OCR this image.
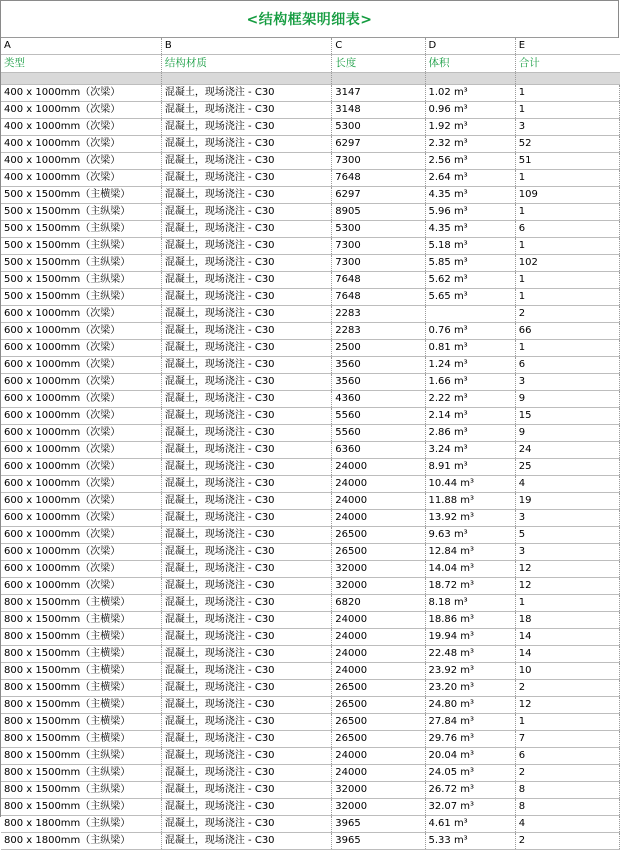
<结构框架明细表>
A	B	C	D	E
类型	结构材质	长度	体积	合计

400 x 1000mm（次梁）	混凝土，现场浇注 - C30	3147	1.02 m³	1
400 x 1000mm（次梁）	混凝土，现场浇注 - C30	3148	0.96 m³	1
400 x 1000mm（次梁）	混凝土，现场浇注 - C30	5300	1.92 m³	3
400 x 1000mm（次梁）	混凝土，现场浇注 - C30	6297	2.32 m³	52
400 x 1000mm（次梁）	混凝土，现场浇注 - C30	7300	2.56 m³	51
400 x 1000mm（次梁）	混凝土，现场浇注 - C30	7648	2.64 m³	1
500 x 1500mm（主横梁）	混凝土，现场浇注 - C30	6297	4.35 m³	109
500 x 1500mm（主纵梁）	混凝土，现场浇注 - C30	8905	5.96 m³	1
500 x 1500mm（主纵梁）	混凝土，现场浇注 - C30	5300	4.35 m³	6
500 x 1500mm（主纵梁）	混凝土，现场浇注 - C30	7300	5.18 m³	1
500 x 1500mm（主纵梁）	混凝土，现场浇注 - C30	7300	5.85 m³	102
500 x 1500mm（主纵梁）	混凝土，现场浇注 - C30	7648	5.62 m³	1
500 x 1500mm（主纵梁）	混凝土，现场浇注 - C30	7648	5.65 m³	1
600 x 1000mm（次梁）	混凝土，现场浇注 - C30	2283		2
600 x 1000mm（次梁）	混凝土，现场浇注 - C30	2283	0.76 m³	66
600 x 1000mm（次梁）	混凝土，现场浇注 - C30	2500	0.81 m³	1
600 x 1000mm（次梁）	混凝土，现场浇注 - C30	3560	1.24 m³	6
600 x 1000mm（次梁）	混凝土，现场浇注 - C30	3560	1.66 m³	3
600 x 1000mm（次梁）	混凝土，现场浇注 - C30	4360	2.22 m³	9
600 x 1000mm（次梁）	混凝土，现场浇注 - C30	5560	2.14 m³	15
600 x 1000mm（次梁）	混凝土，现场浇注 - C30	5560	2.86 m³	9
600 x 1000mm（次梁）	混凝土，现场浇注 - C30	6360	3.24 m³	24
600 x 1000mm（次梁）	混凝土，现场浇注 - C30	24000	8.91 m³	25
600 x 1000mm（次梁）	混凝土，现场浇注 - C30	24000	10.44 m³	4
600 x 1000mm（次梁）	混凝土，现场浇注 - C30	24000	11.88 m³	19
600 x 1000mm（次梁）	混凝土，现场浇注 - C30	24000	13.92 m³	3
600 x 1000mm（次梁）	混凝土，现场浇注 - C30	26500	9.63 m³	5
600 x 1000mm（次梁）	混凝土，现场浇注 - C30	26500	12.84 m³	3
600 x 1000mm（次梁）	混凝土，现场浇注 - C30	32000	14.04 m³	12
600 x 1000mm（次梁）	混凝土，现场浇注 - C30	32000	18.72 m³	12
800 x 1500mm（主横梁）	混凝土，现场浇注 - C30	6820	8.18 m³	1
800 x 1500mm（主横梁）	混凝土，现场浇注 - C30	24000	18.86 m³	18
800 x 1500mm（主横梁）	混凝土，现场浇注 - C30	24000	19.94 m³	14
800 x 1500mm（主横梁）	混凝土，现场浇注 - C30	24000	22.48 m³	14
800 x 1500mm（主横梁）	混凝土，现场浇注 - C30	24000	23.92 m³	10
800 x 1500mm（主横梁）	混凝土，现场浇注 - C30	26500	23.20 m³	2
800 x 1500mm（主横梁）	混凝土，现场浇注 - C30	26500	24.80 m³	12
800 x 1500mm（主横梁）	混凝土，现场浇注 - C30	26500	27.84 m³	1
800 x 1500mm（主横梁）	混凝土，现场浇注 - C30	26500	29.76 m³	7
800 x 1500mm（主纵梁）	混凝土，现场浇注 - C30	24000	20.04 m³	6
800 x 1500mm（主纵梁）	混凝土，现场浇注 - C30	24000	24.05 m³	2
800 x 1500mm（主纵梁）	混凝土，现场浇注 - C30	32000	26.72 m³	8
800 x 1500mm（主纵梁）	混凝土，现场浇注 - C30	32000	32.07 m³	8
800 x 1800mm（主纵梁）	混凝土，现场浇注 - C30	3965	4.61 m³	4
800 x 1800mm（主纵梁）	混凝土，现场浇注 - C30	3965	5.33 m³	2
